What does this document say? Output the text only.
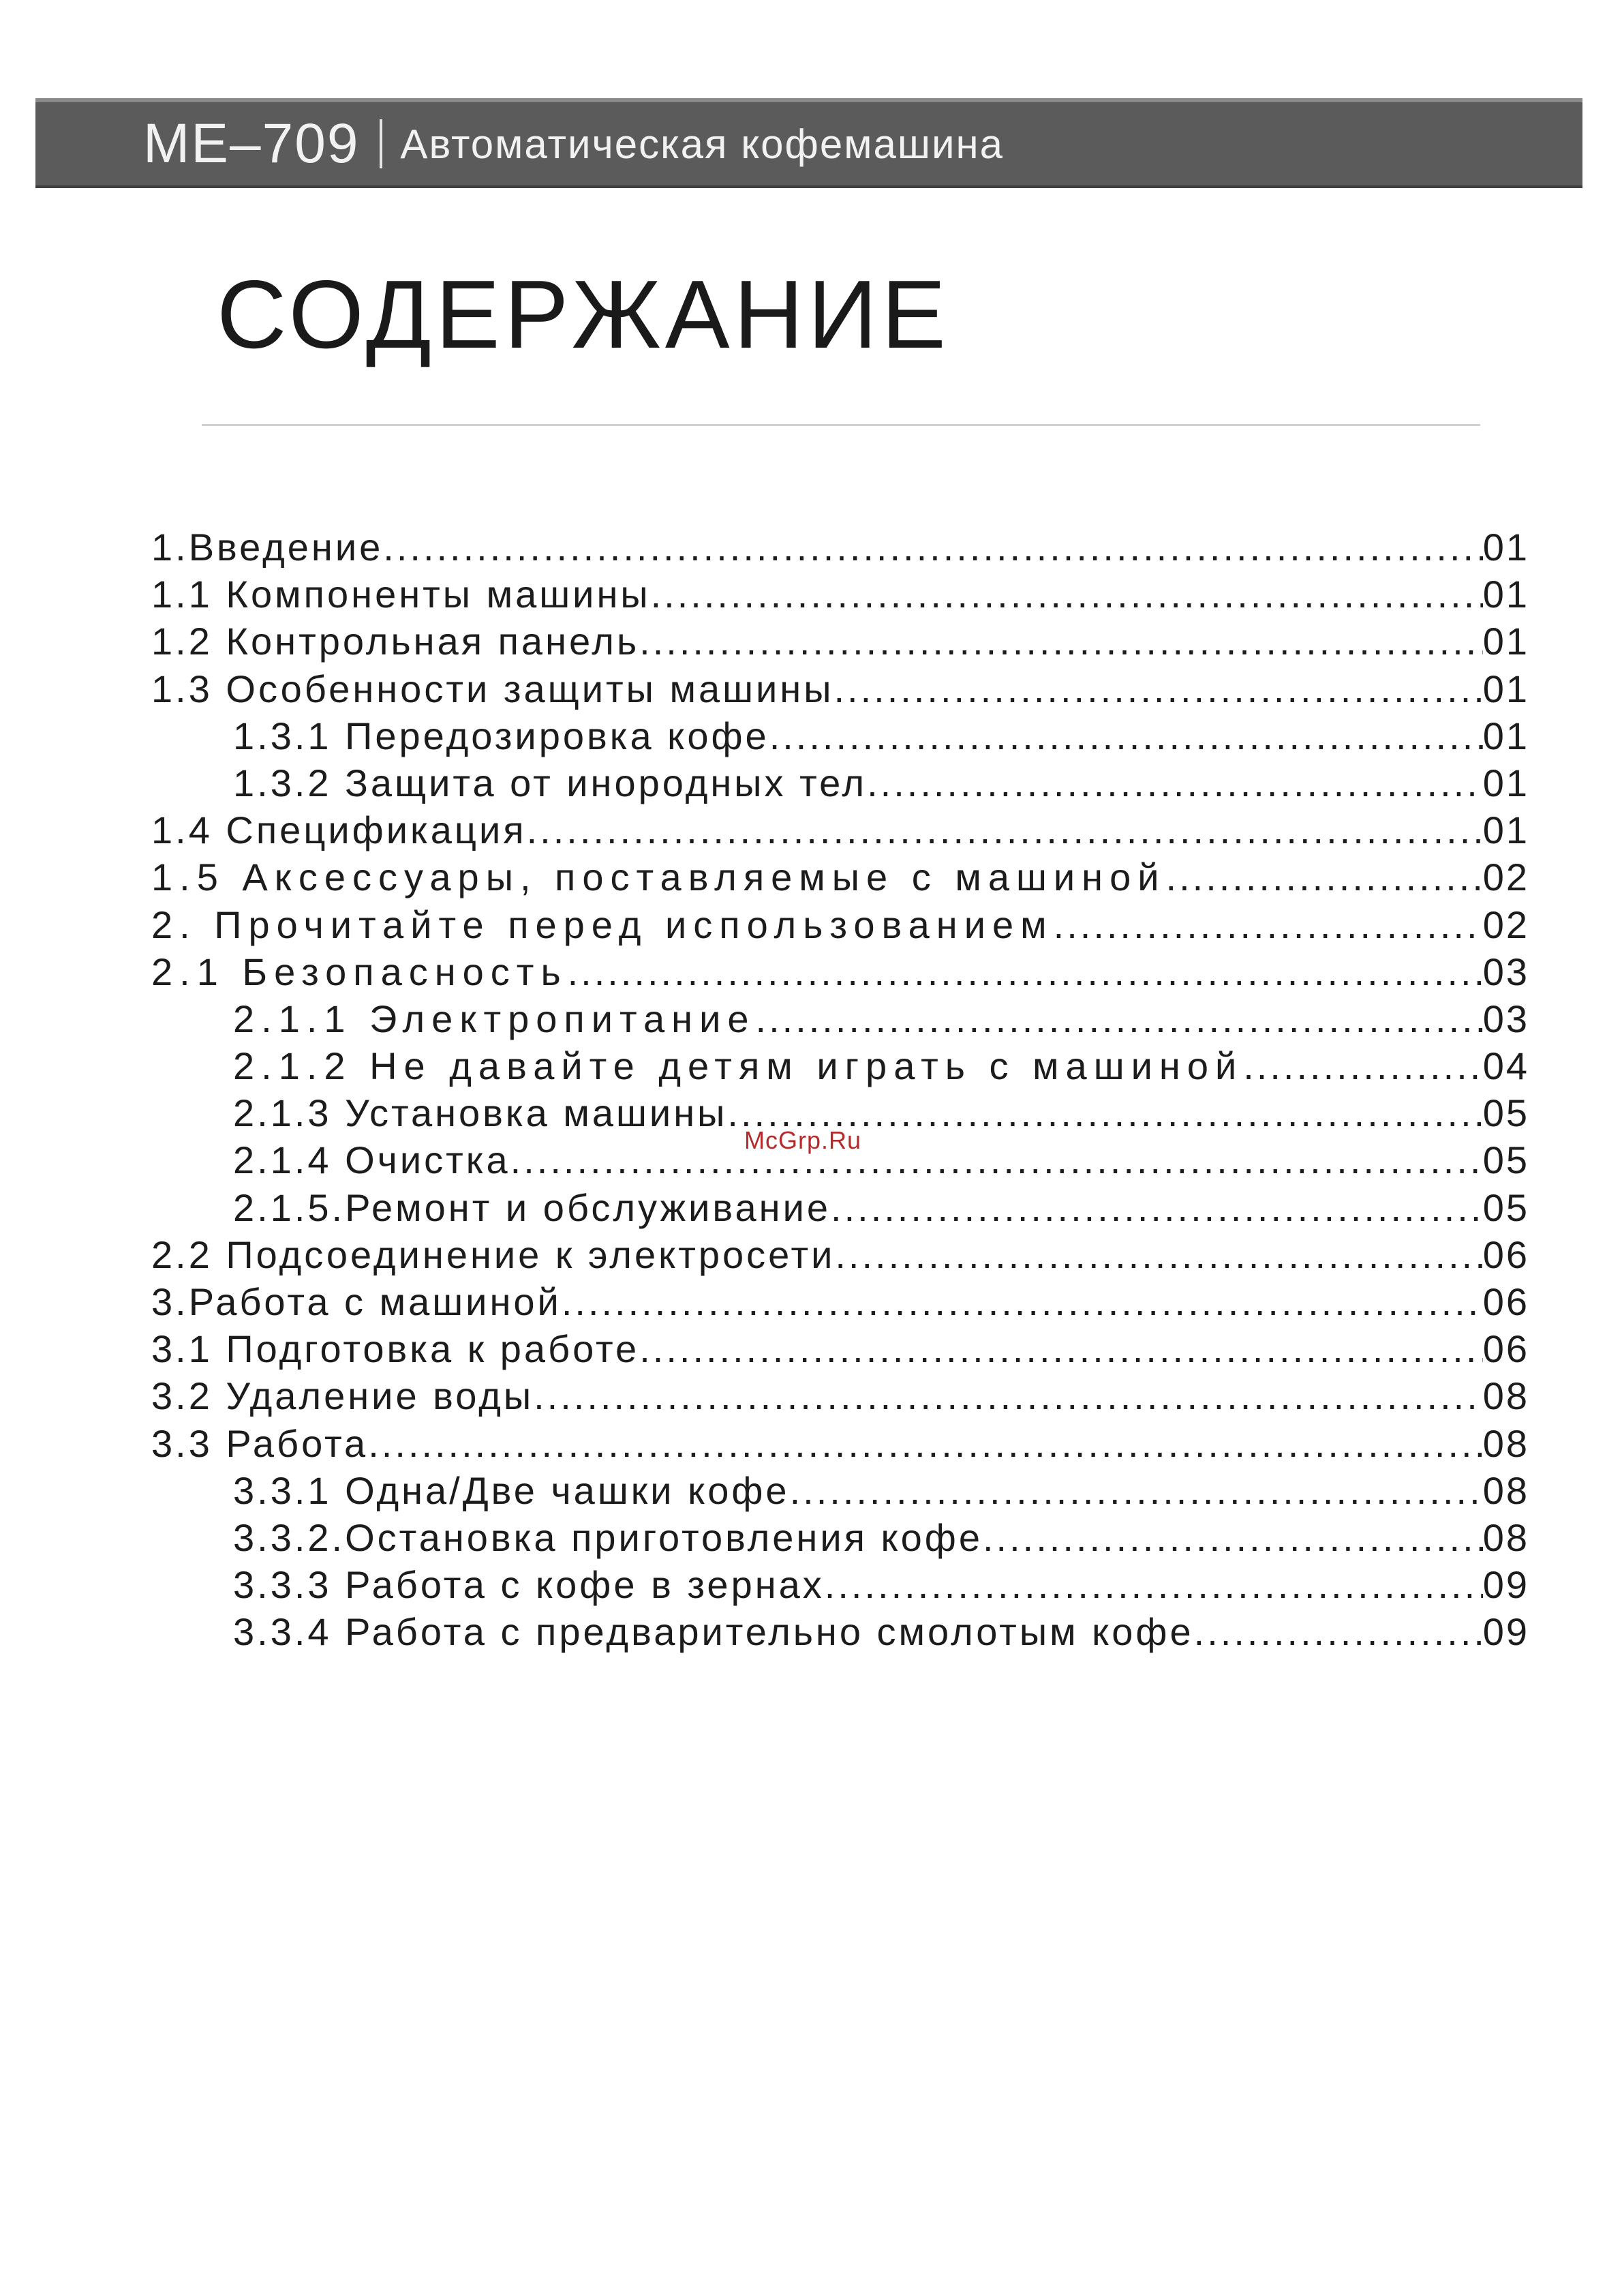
ME–709 Автоматическая кофемашина
СОДЕРЖАНИЕ
1.Введение .....	01
1.1 Компоненты машины .....	01
1.2 Контрольная панель .....	01
1.3 Особенности защиты машины .....	01
1.3.1 Передозировка кофе .....	01
1.3.2 Защита от инородных тел .....	01
1.4 Спецификация .....	01
1.5 Аксессуары, поставляемые с машиной .....	02
2. Прочитайте перед использованием .....	02
2.1 Безопасность .....	03
2.1.1 Электропитание .....	03
2.1.2 Не давайте детям играть с машиной .....	04
2.1.3 Установка машины .....	05
2.1.4 Очистка .....	05
2.1.5.Ремонт и обслуживание .....	05
2.2 Подсоединение к электросети .....	06
3.Работа с машиной .....	06
3.1 Подготовка к работе .....	06
3.2 Удаление воды .....	08
3.3 Работа .....	08
3.3.1 Одна/Две чашки кофе .....	08
3.3.2.Остановка приготовления кофе .....	08
3.3.3 Работа с кофе в зернах .....	09
3.3.4 Работа с предварительно смолотым кофе .....	09
McGrp.Ru
